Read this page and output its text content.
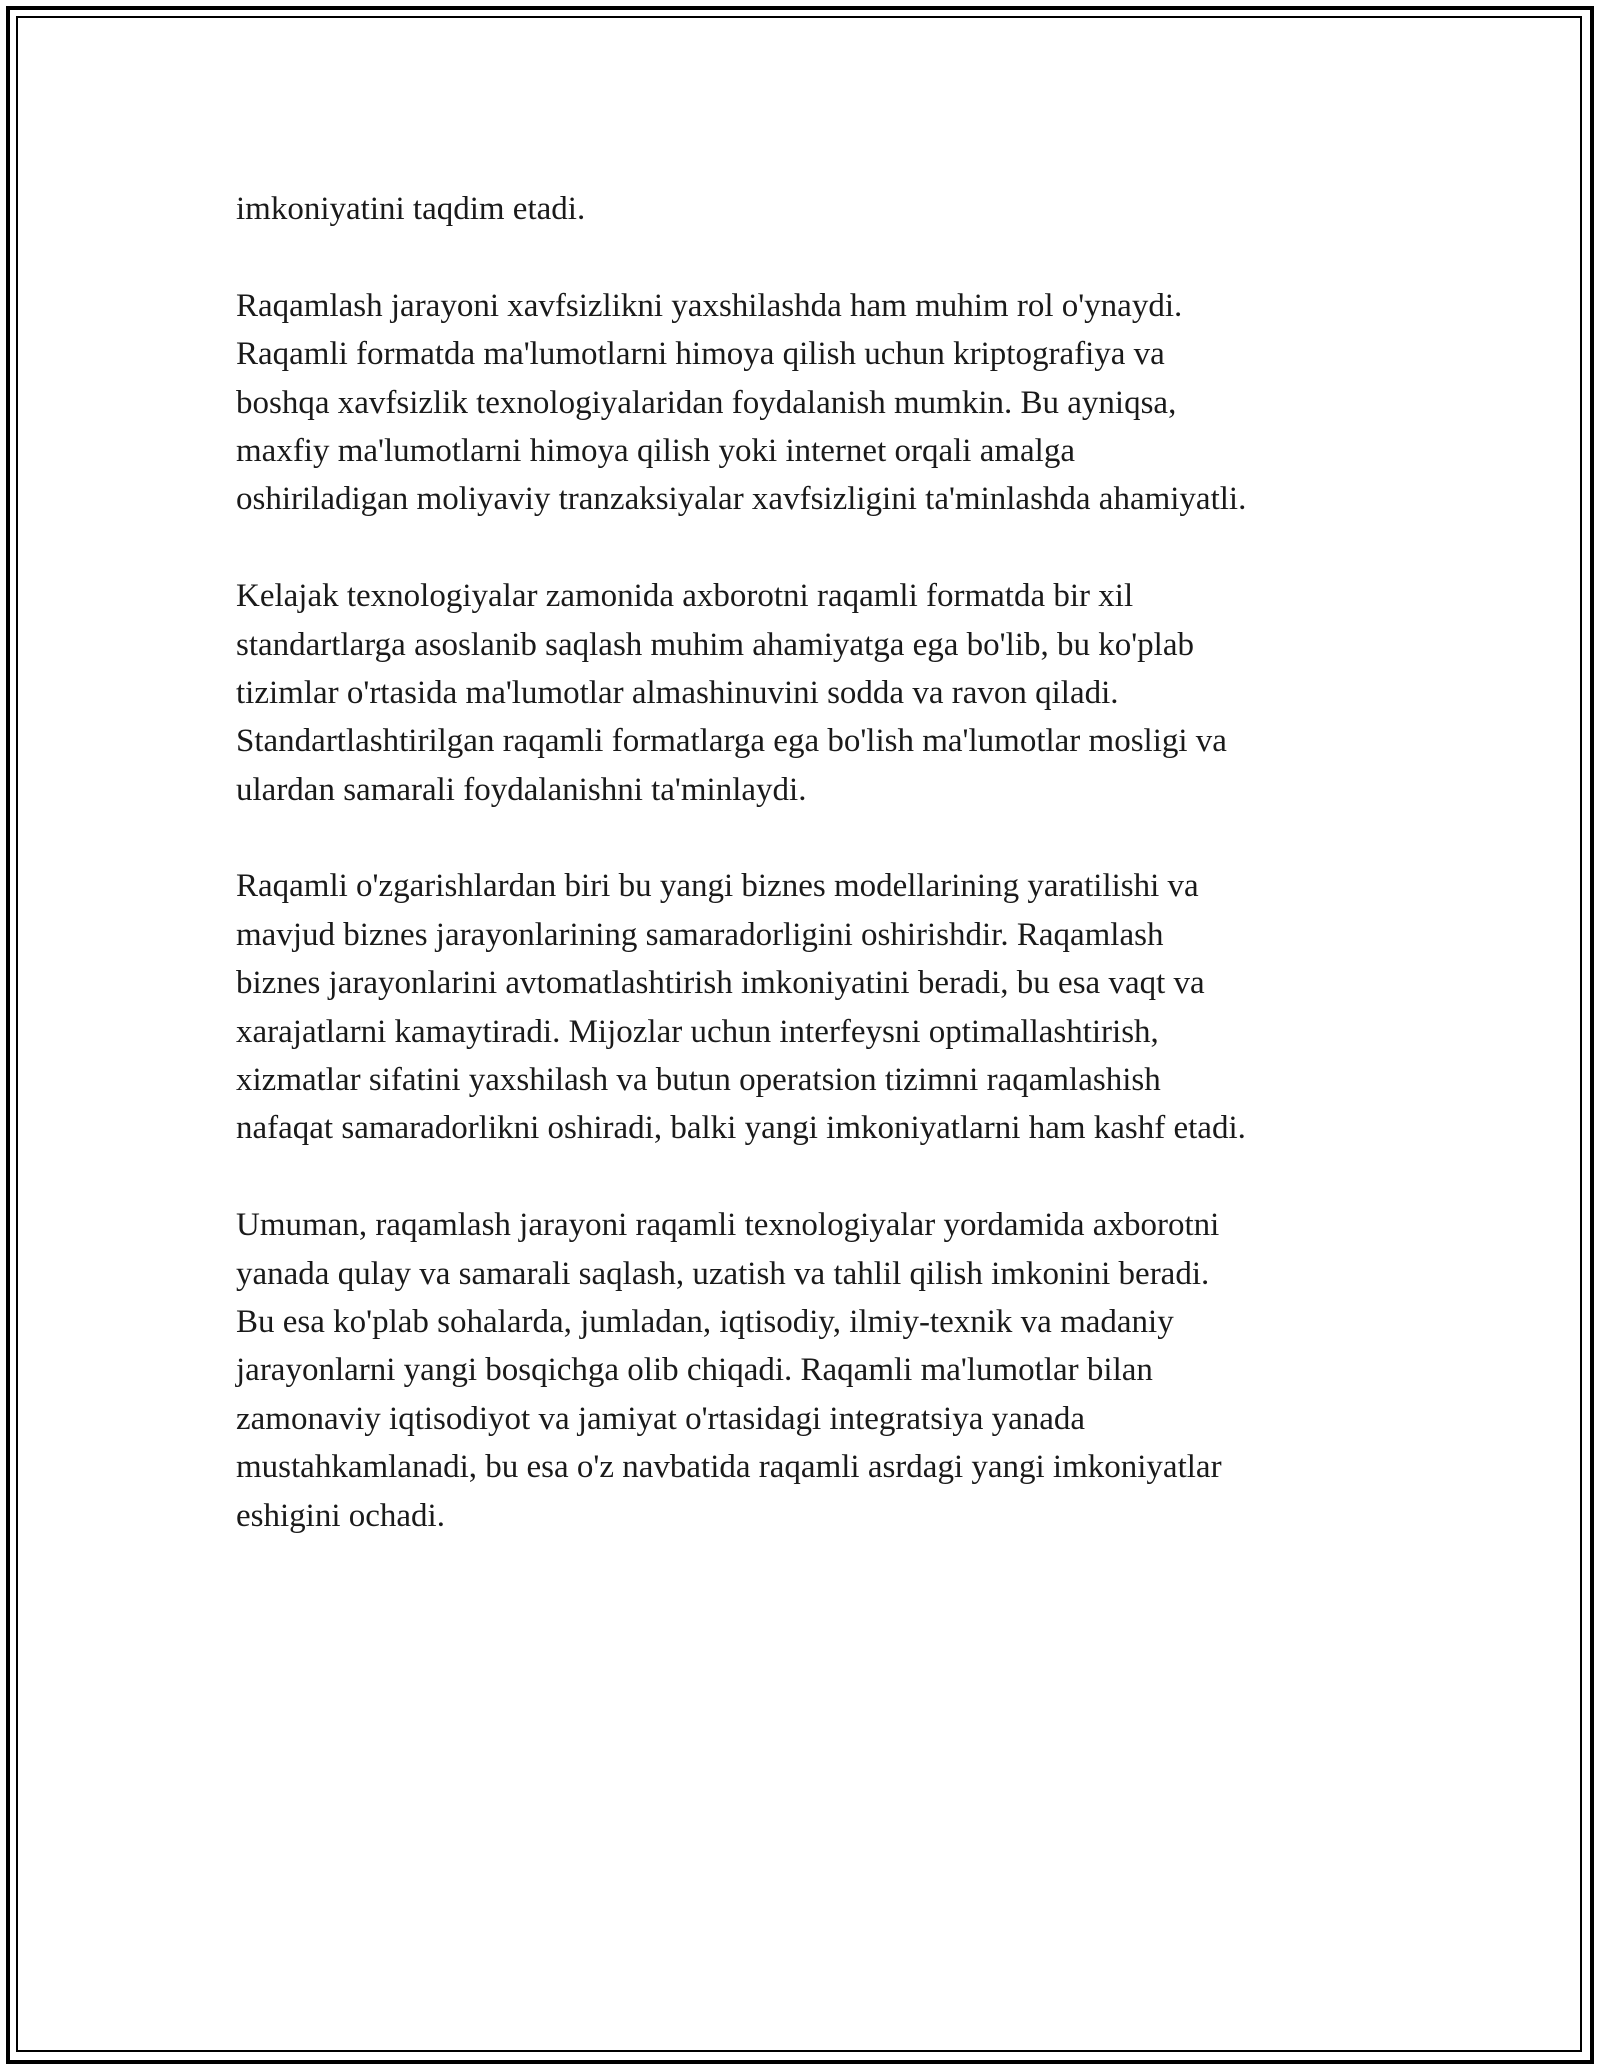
imkoniyatini taqdim etadi.
Raqamlash jarayoni xavfsizlikni yaxshilashda ham muhim rol o'ynaydi.
Raqamli formatda ma'lumotlarni himoya qilish uchun kriptografiya va
boshqa xavfsizlik texnologiyalaridan foydalanish mumkin. Bu ayniqsa,
maxfiy ma'lumotlarni himoya qilish yoki internet orqali amalga
oshiriladigan moliyaviy tranzaksiyalar xavfsizligini ta'minlashda ahamiyatli.
Kelajak texnologiyalar zamonida axborotni raqamli formatda bir xil
standartlarga asoslanib saqlash muhim ahamiyatga ega bo'lib, bu ko'plab
tizimlar o'rtasida ma'lumotlar almashinuvini sodda va ravon qiladi.
Standartlashtirilgan raqamli formatlarga ega bo'lish ma'lumotlar mosligi va
ulardan samarali foydalanishni ta'minlaydi.
Raqamli o'zgarishlardan biri bu yangi biznes modellarining yaratilishi va
mavjud biznes jarayonlarining samaradorligini oshirishdir. Raqamlash
biznes jarayonlarini avtomatlashtirish imkoniyatini beradi, bu esa vaqt va
xarajatlarni kamaytiradi. Mijozlar uchun interfeysni optimallashtirish,
xizmatlar sifatini yaxshilash va butun operatsion tizimni raqamlashish
nafaqat samaradorlikni oshiradi, balki yangi imkoniyatlarni ham kashf etadi.
Umuman, raqamlash jarayoni raqamli texnologiyalar yordamida axborotni
yanada qulay va samarali saqlash, uzatish va tahlil qilish imkonini beradi.
Bu esa ko'plab sohalarda, jumladan, iqtisodiy, ilmiy-texnik va madaniy
jarayonlarni yangi bosqichga olib chiqadi. Raqamli ma'lumotlar bilan
zamonaviy iqtisodiyot va jamiyat o'rtasidagi integratsiya yanada
mustahkamlanadi, bu esa o'z navbatida raqamli asrdagi yangi imkoniyatlar
eshigini ochadi.
